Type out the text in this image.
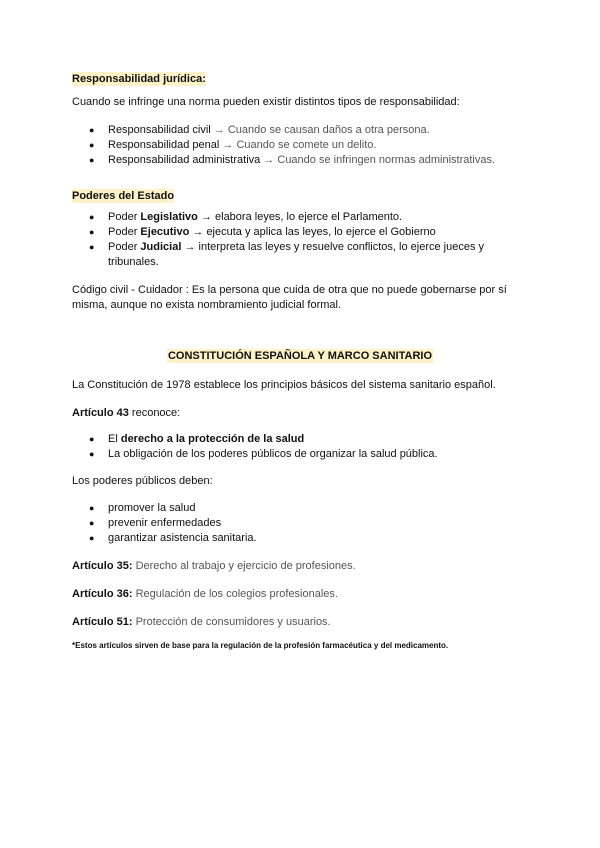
Responsabilidad jurídica:

Cuando se infringe una norma pueden existir distintos tipos de responsabilidad:

● Responsabilidad civil → Cuando se causan daños a otra persona.
● Responsabilidad penal → Cuando se comete un delito.
● Responsabilidad administrativa → Cuando se infringen normas administrativas.

Poderes del Estado

● Poder Legislativo → elabora leyes, lo ejerce el Parlamento.
● Poder Ejecutivo → ejecuta y aplica las leyes, lo ejerce el Gobierno
● Poder Judicial → interpreta las leyes y resuelve conflictos, lo ejerce jueces y
tribunales.

Código civil - Cuidador : Es la persona que cuida de otra que no puede gobernarse por sí
misma, aunque no exista nombramiento judicial formal.

CONSTITUCIÓN ESPAÑOLA Y MARCO SANITARIO

La Constitución de 1978 establece los principios básicos del sistema sanitario español.

Artículo 43 reconoce:

● El derecho a la protección de la salud
● La obligación de los poderes públicos de organizar la salud pública.

Los poderes públicos deben:

● promover la salud
● prevenir enfermedades
● garantizar asistencia sanitaria.

Artículo 35: Derecho al trabajo y ejercicio de profesiones.

Artículo 36: Regulación de los colegios profesionales.

Artículo 51: Protección de consumidores y usuarios.

*Estos artículos sirven de base para la regulación de la profesión farmacéutica y del medicamento.
